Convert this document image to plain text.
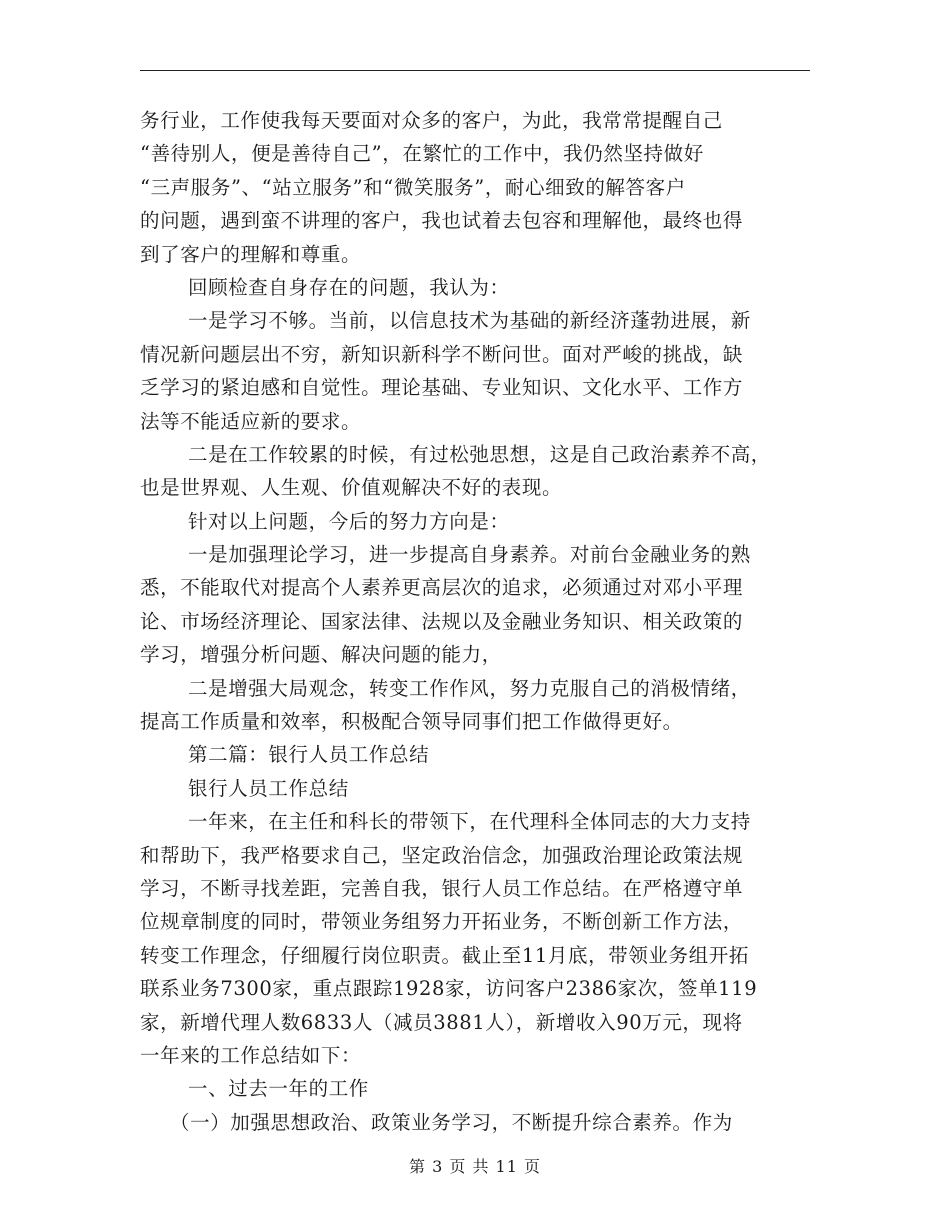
务行业，工作使我每天要面对众多的客户，为此，我常常提醒自己
“善待别人，便是善待自己”，在繁忙的工作中，我仍然坚持做好
“三声服务”、“站立服务”和“微笑服务”，耐心细致的解答客户
的问题，遇到蛮不讲理的客户，我也试着去包容和理解他，最终也得
到了客户的理解和尊重。
回顾检查自身存在的问题，我认为：
一是学习不够。当前，以信息技术为基础的新经济蓬勃进展，新
情况新问题层出不穷，新知识新科学不断问世。面对严峻的挑战，缺
乏学习的紧迫感和自觉性。理论基础、专业知识、文化水平、工作方
法等不能适应新的要求。
二是在工作较累的时候，有过松弛思想，这是自己政治素养不高，
也是世界观、人生观、价值观解决不好的表现。
针对以上问题，今后的努力方向是：
一是加强理论学习，进一步提高自身素养。对前台金融业务的熟
悉，不能取代对提高个人素养更高层次的追求，必须通过对邓小平理
论、市场经济理论、国家法律、法规以及金融业务知识、相关政策的
学习，增强分析问题、解决问题的能力，
二是增强大局观念，转变工作作风，努力克服自己的消极情绪，
提高工作质量和效率，积极配合领导同事们把工作做得更好。
第二篇：银行人员工作总结
银行人员工作总结
一年来，在主任和科长的带领下，在代理科全体同志的大力支持
和帮助下，我严格要求自己，坚定政治信念，加强政治理论政策法规
学习，不断寻找差距，完善自我，银行人员工作总结。在严格遵守单
位规章制度的同时，带领业务组努力开拓业务，不断创新工作方法，
转变工作理念，仔细履行岗位职责。截止至11月底，带领业务组开拓
联系业务7300家，重点跟踪1928家，访问客户2386家次，签单119
家，新增代理人数6833人（减员3881人），新增收入90万元，现将
一年来的工作总结如下：
一、过去一年的工作
（一）加强思想政治、政策业务学习，不断提升综合素养。作为
第 3 页 共 11 页
